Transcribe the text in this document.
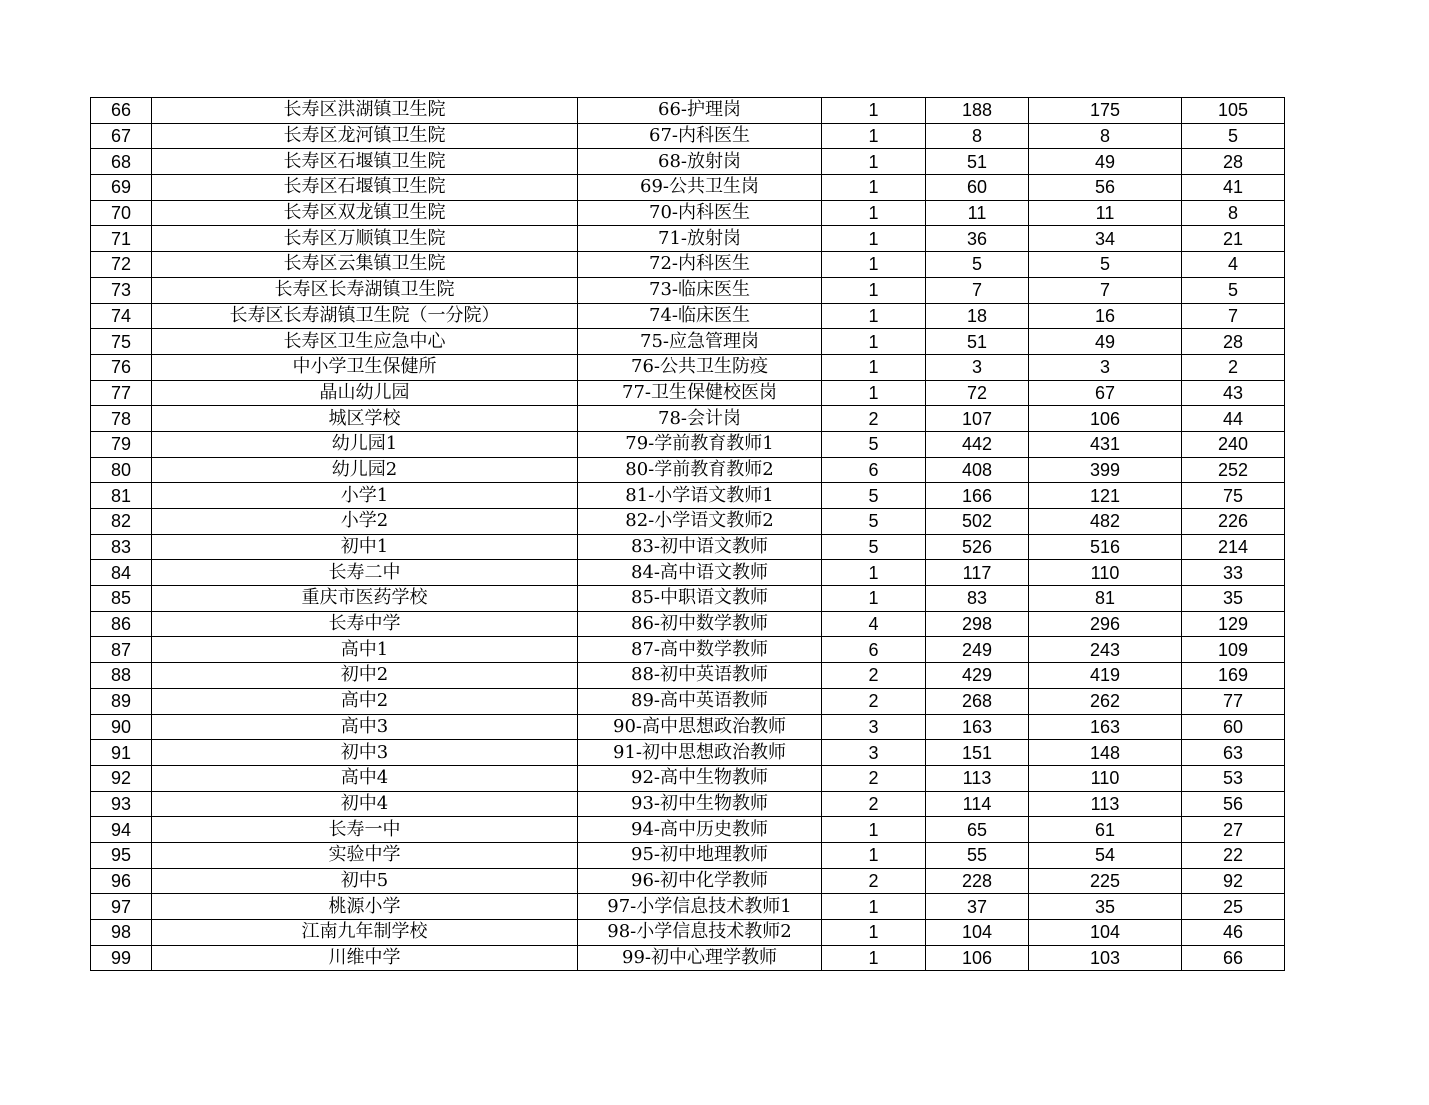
66	长寿区洪湖镇卫生院	66-护理岗	1	188	175	105
67	长寿区龙河镇卫生院	67-内科医生	1	8	8	5
68	长寿区石堰镇卫生院	68-放射岗	1	51	49	28
69	长寿区石堰镇卫生院	69-公共卫生岗	1	60	56	41
70	长寿区双龙镇卫生院	70-内科医生	1	11	11	8
71	长寿区万顺镇卫生院	71-放射岗	1	36	34	21
72	长寿区云集镇卫生院	72-内科医生	1	5	5	4
73	长寿区长寿湖镇卫生院	73-临床医生	1	7	7	5
74	长寿区长寿湖镇卫生院（一分院）	74-临床医生	1	18	16	7
75	长寿区卫生应急中心	75-应急管理岗	1	51	49	28
76	中小学卫生保健所	76-公共卫生防疫	1	3	3	2
77	晶山幼儿园	77-卫生保健校医岗	1	72	67	43
78	城区学校	78-会计岗	2	107	106	44
79	幼儿园1	79-学前教育教师1	5	442	431	240
80	幼儿园2	80-学前教育教师2	6	408	399	252
81	小学1	81-小学语文教师1	5	166	121	75
82	小学2	82-小学语文教师2	5	502	482	226
83	初中1	83-初中语文教师	5	526	516	214
84	长寿二中	84-高中语文教师	1	117	110	33
85	重庆市医药学校	85-中职语文教师	1	83	81	35
86	长寿中学	86-初中数学教师	4	298	296	129
87	高中1	87-高中数学教师	6	249	243	109
88	初中2	88-初中英语教师	2	429	419	169
89	高中2	89-高中英语教师	2	268	262	77
90	高中3	90-高中思想政治教师	3	163	163	60
91	初中3	91-初中思想政治教师	3	151	148	63
92	高中4	92-高中生物教师	2	113	110	53
93	初中4	93-初中生物教师	2	114	113	56
94	长寿一中	94-高中历史教师	1	65	61	27
95	实验中学	95-初中地理教师	1	55	54	22
96	初中5	96-初中化学教师	2	228	225	92
97	桃源小学	97-小学信息技术教师1	1	37	35	25
98	江南九年制学校	98-小学信息技术教师2	1	104	104	46
99	川维中学	99-初中心理学教师	1	106	103	66
